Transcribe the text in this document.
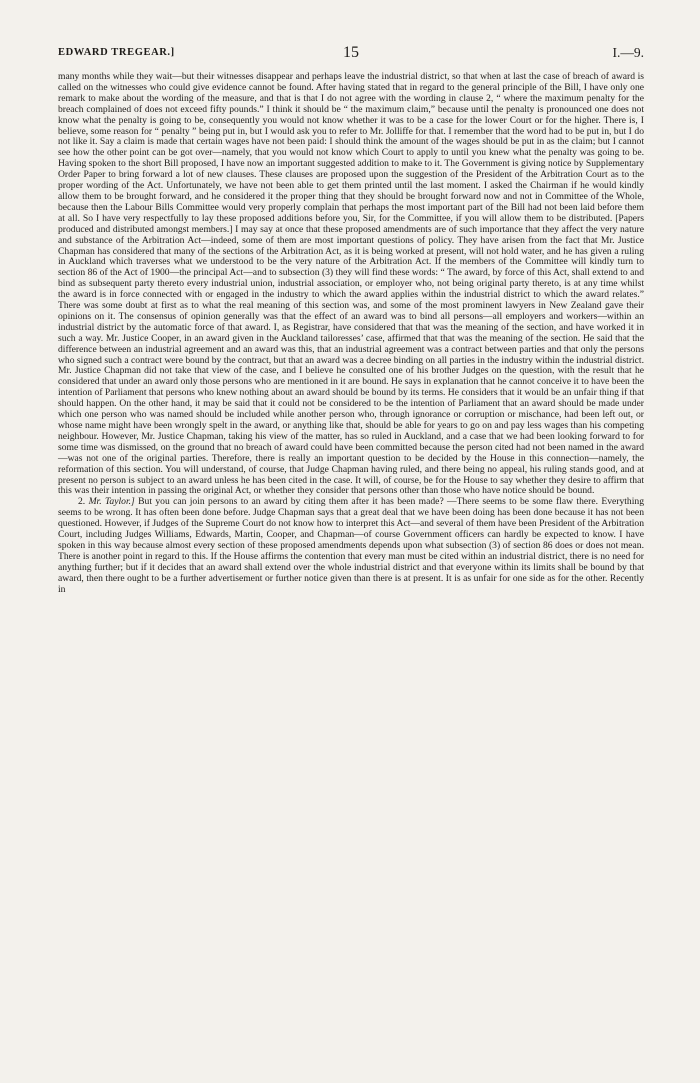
EDWARD TREGEAR.]	15	I.—9.

many months while they wait—but their witnesses disappear and perhaps leave the industrial district, so that when at last the case of breach of award is called on the witnesses who could give evidence cannot be found. After having stated that in regard to the general principle of the Bill, I have only one remark to make about the wording of the measure, and that is that I do not agree with the wording in clause 2, “ where the maximum penalty for the breach complained of does not exceed fifty pounds.” I think it should be “ the maximum claim,” because until the penalty is pronounced one does not know what the penalty is going to be, consequently you would not know whether it was to be a case for the lower Court or for the higher. There is, I believe, some reason for “ penalty ” being put in, but I would ask you to refer to Mr. Jolliffe for that. I remember that the word had to be put in, but I do not like it. Say a claim is made that certain wages have not been paid: I should think the amount of the wages should be put in as the claim; but I cannot see how the other point can be got over—namely, that you would not know which Court to apply to until you knew what the penalty was going to be. Having spoken to the short Bill proposed, I have now an important suggested addition to make to it. The Government is giving notice by Supplementary Order Paper to bring forward a lot of new clauses. These clauses are proposed upon the suggestion of the President of the Arbitration Court as to the proper wording of the Act. Unfortunately, we have not been able to get them printed until the last moment. I asked the Chairman if he would kindly allow them to be brought forward, and he considered it the proper thing that they should be brought forward now and not in Committee of the Whole, because then the Labour Bills Committee would very properly complain that perhaps the most important part of the Bill had not been laid before them at all. So I have very respectfully to lay these proposed additions before you, Sir, for the Committee, if you will allow them to be distributed. [Papers produced and distributed amongst members.] I may say at once that these proposed amendments are of such importance that they affect the very nature and substance of the Arbitration Act—indeed, some of them are most important questions of policy. They have arisen from the fact that Mr. Justice Chapman has considered that many of the sections of the Arbitration Act, as it is being worked at present, will not hold water, and he has given a ruling in Auckland which traverses what we understood to be the very nature of the Arbitration Act. If the members of the Committee will kindly turn to section 86 of the Act of 1900—the principal Act—and to subsection (3) they will find these words: “ The award, by force of this Act, shall extend to and bind as subsequent party thereto every industrial union, industrial association, or employer who, not being original party thereto, is at any time whilst the award is in force connected with or engaged in the industry to which the award applies within the industrial district to which the award relates.” There was some doubt at first as to what the real meaning of this section was, and some of the most prominent lawyers in New Zealand gave their opinions on it. The consensus of opinion generally was that the effect of an award was to bind all persons—all employers and workers—within an industrial district by the automatic force of that award. I, as Registrar, have considered that that was the meaning of the section, and have worked it in such a way. Mr. Justice Cooper, in an award given in the Auckland tailoresses’ case, affirmed that that was the meaning of the section. He said that the difference between an industrial agreement and an award was this, that an industrial agreement was a contract between parties and that only the persons who signed such a contract were bound by the contract, but that an award was a decree binding on all parties in the industry within the industrial district. Mr. Justice Chapman did not take that view of the case, and I believe he consulted one of his brother Judges on the question, with the result that he considered that under an award only those persons who are mentioned in it are bound. He says in explanation that he cannot conceive it to have been the intention of Parliament that persons who knew nothing about an award should be bound by its terms. He considers that it would be an unfair thing if that should happen. On the other hand, it may be said that it could not be considered to be the intention of Parliament that an award should be made under which one person who was named should be included while another person who, through ignorance or corruption or mischance, had been left out, or whose name might have been wrongly spelt in the award, or anything like that, should be able for years to go on and pay less wages than his competing neighbour. However, Mr. Justice Chapman, taking his view of the matter, has so ruled in Auckland, and a case that we had been looking forward to for some time was dismissed, on the ground that no breach of award could have been committed because the person cited had not been named in the award—was not one of the original parties. Therefore, there is really an important question to be decided by the House in this connection—namely, the reformation of this section. You will understand, of course, that Judge Chapman having ruled, and there being no appeal, his ruling stands good, and at present no person is subject to an award unless he has been cited in the case. It will, of course, be for the House to say whether they desire to affirm that this was their intention in passing the original Act, or whether they consider that persons other than those who have notice should be bound.

2. Mr. Taylor.] But you can join persons to an award by citing them after it has been made? —There seems to be some flaw there. Everything seems to be wrong. It has often been done before. Judge Chapman says that a great deal that we have been doing has been done because it has not been questioned. However, if Judges of the Supreme Court do not know how to interpret this Act—and several of them have been President of the Arbitration Court, including Judges Williams, Edwards, Martin, Cooper, and Chapman—of course Government officers can hardly be expected to know. I have spoken in this way because almost every section of these proposed amendments depends upon what subsection (3) of section 86 does or does not mean. There is another point in regard to this. If the House affirms the contention that every man must be cited within an industrial district, there is no need for anything further; but if it decides that an award shall extend over the whole industrial district and that everyone within its limits shall be bound by that award, then there ought to be a further advertisement or further notice given than there is at present. It is as unfair for one side as for the other. Recently in
